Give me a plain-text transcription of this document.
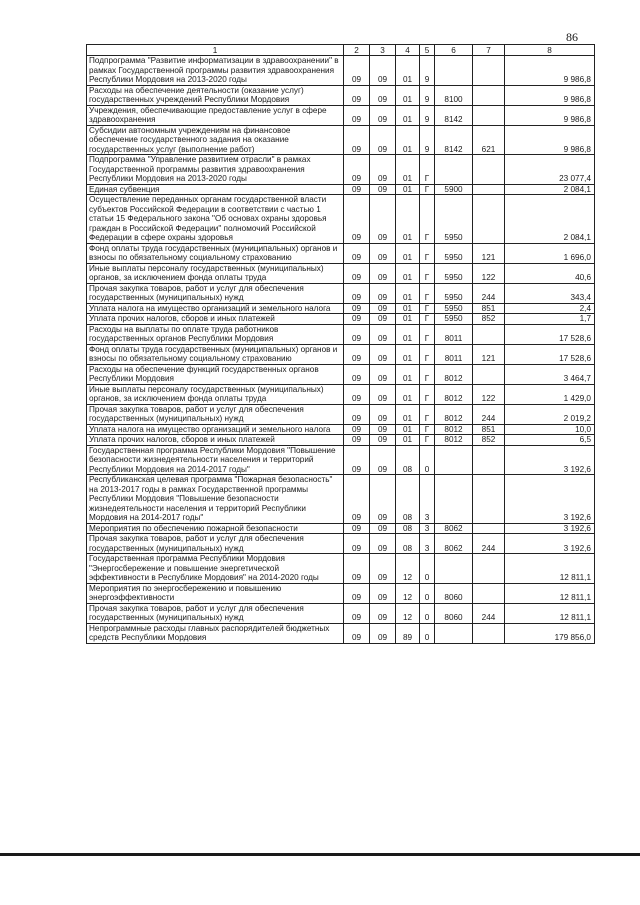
86
1	2	3	4	5	6	7	8
Подпрограмма "Развитие информатизации в здравоохранении" в рамках Государственной программы развития здравоохранения Республики Мордовия на 2013-2020 годы	09	09	01	9			9 986,8
Расходы на обеспечение деятельности (оказание услуг) государственных учреждений Республики Мордовия	09	09	01	9	8100		9 986,8
Учреждения, обеспечивающие предоставление услуг в сфере здравоохранения	09	09	01	9	8142		9 986,8
Субсидии автономным учреждениям на финансовое обеспечение государственного задания на оказание государственных услуг (выполнение работ)	09	09	01	9	8142	621	9 986,8
Подпрограмма "Управление развитием отрасли" в рамках Государственной программы развития здравоохранения Республики Мордовия на 2013-2020 годы	09	09	01	Г			23 077,4
Единая субвенция	09	09	01	Г	5900		2 084,1
Осуществление переданных органам государственной власти субъектов Российской Федерации в соответствии с частью 1 статьи 15 Федерального закона "Об основах охраны здоровья граждан в Российской Федерации" полномочий Российской Федерации в сфере охраны здоровья	09	09	01	Г	5950		2 084,1
Фонд оплаты труда государственных (муниципальных) органов и взносы по обязательному социальному страхованию	09	09	01	Г	5950	121	1 696,0
Иные выплаты персоналу государственных (муниципальных) органов, за исключением фонда оплаты труда	09	09	01	Г	5950	122	40,6
Прочая закупка товаров, работ и услуг для обеспечения государственных (муниципальных) нужд	09	09	01	Г	5950	244	343,4
Уплата налога на имущество организаций и земельного налога	09	09	01	Г	5950	851	2,4
Уплата прочих налогов, сборов и иных платежей	09	09	01	Г	5950	852	1,7
Расходы на выплаты по оплате труда работников государственных органов Республики Мордовия	09	09	01	Г	8011		17 528,6
Фонд оплаты труда государственных (муниципальных) органов и взносы по обязательному социальному страхованию	09	09	01	Г	8011	121	17 528,6
Расходы на обеспечение функций государственных органов Республики Мордовия	09	09	01	Г	8012		3 464,7
Иные выплаты персоналу государственных (муниципальных) органов, за исключением фонда оплаты труда	09	09	01	Г	8012	122	1 429,0
Прочая закупка товаров, работ и услуг для обеспечения государственных (муниципальных) нужд	09	09	01	Г	8012	244	2 019,2
Уплата налога на имущество организаций и земельного налога	09	09	01	Г	8012	851	10,0
Уплата прочих налогов, сборов и иных платежей	09	09	01	Г	8012	852	6,5
Государственная программа Республики Мордовия "Повышение безопасности жизнедеятельности населения и территорий Республики Мордовия на 2014-2017 годы"	09	09	08	0			3 192,6
Республиканская целевая программа "Пожарная безопасность" на 2013-2017 годы в рамках Государственной программы Республики Мордовия "Повышение безопасности жизнедеятельности населения и территорий Республики Мордовия на 2014-2017 годы"	09	09	08	3			3 192,6
Мероприятия по обеспечению пожарной безопасности	09	09	08	3	8062		3 192,6
Прочая закупка товаров, работ и услуг для обеспечения государственных (муниципальных) нужд	09	09	08	3	8062	244	3 192,6
Государственная программа Республики Мордовия "Энергосбережение и повышение энергетической эффективности в Республике Мордовия" на 2014-2020 годы	09	09	12	0			12 811,1
Мероприятия по энергосбережению и повышению энергоэффективности	09	09	12	0	8060		12 811,1
Прочая закупка товаров, работ и услуг для обеспечения государственных (муниципальных) нужд	09	09	12	0	8060	244	12 811,1
Непрограммные расходы главных распорядителей бюджетных средств Республики Мордовия	09	09	89	0			179 856,0
